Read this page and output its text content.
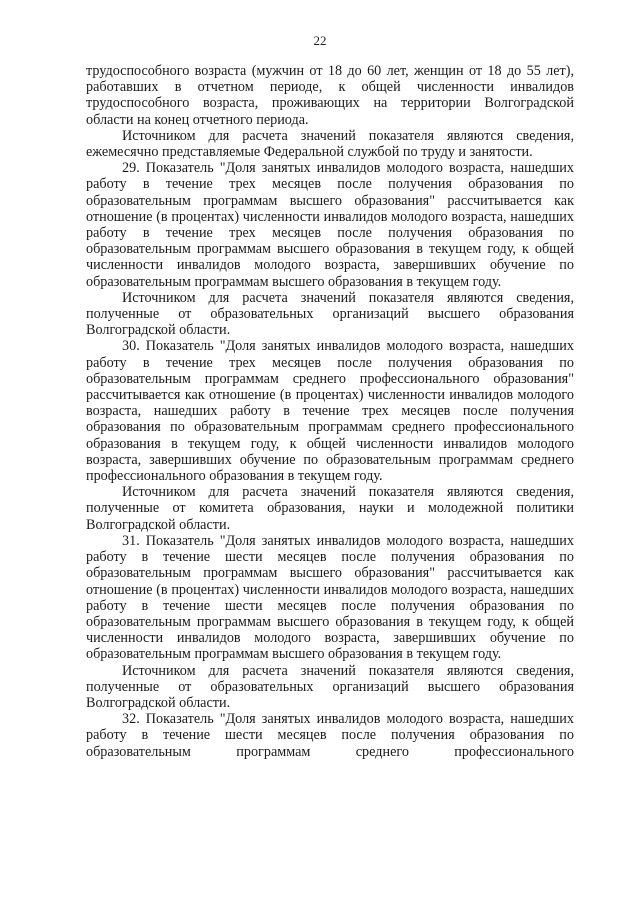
22

трудоспособного возраста (мужчин от 18 до 60 лет, женщин от 18 до 55 лет), работавших в отчетном периоде, к общей численности инвалидов трудоспособного возраста, проживающих на территории Волгоградской области на конец отчетного периода.

Источником для расчета значений показателя являются сведения, ежемесячно представляемые Федеральной службой по труду и занятости.

29. Показатель "Доля занятых инвалидов молодого возраста, нашедших работу в течение трех месяцев после получения образования по образовательным программам высшего образования" рассчитывается как отношение (в процентах) численности инвалидов молодого возраста, нашедших работу в течение трех месяцев после получения образования по образовательным программам высшего образования в текущем году, к общей численности инвалидов молодого возраста, завершивших обучение по образовательным программам высшего образования в текущем году.

Источником для расчета значений показателя являются сведения, полученные от образовательных организаций высшего образования Волгоградской области.

30. Показатель "Доля занятых инвалидов молодого возраста, нашедших работу в течение трех месяцев после получения образования по образовательным программам среднего профессионального образования" рассчитывается как отношение (в процентах) численности инвалидов молодого возраста, нашедших работу в течение трех месяцев после получения образования по образовательным программам среднего профессионального образования в текущем году, к общей численности инвалидов молодого возраста, завершивших обучение по образовательным программам среднего профессионального образования в текущем году.

Источником для расчета значений показателя являются сведения, полученные от комитета образования, науки и молодежной политики Волгоградской области.

31. Показатель "Доля занятых инвалидов молодого возраста, нашедших работу в течение шести месяцев после получения образования по образовательным программам высшего образования" рассчитывается как отношение (в процентах) численности инвалидов молодого возраста, нашедших работу в течение шести месяцев после получения образования по образовательным программам высшего образования в текущем году, к общей численности инвалидов молодого возраста, завершивших обучение по образовательным программам высшего образования в текущем году.

Источником для расчета значений показателя являются сведения, полученные от образовательных организаций высшего образования Волгоградской области.

32. Показатель "Доля занятых инвалидов молодого возраста, нашедших работу в течение шести месяцев после получения образования по образовательным программам среднего профессионального
